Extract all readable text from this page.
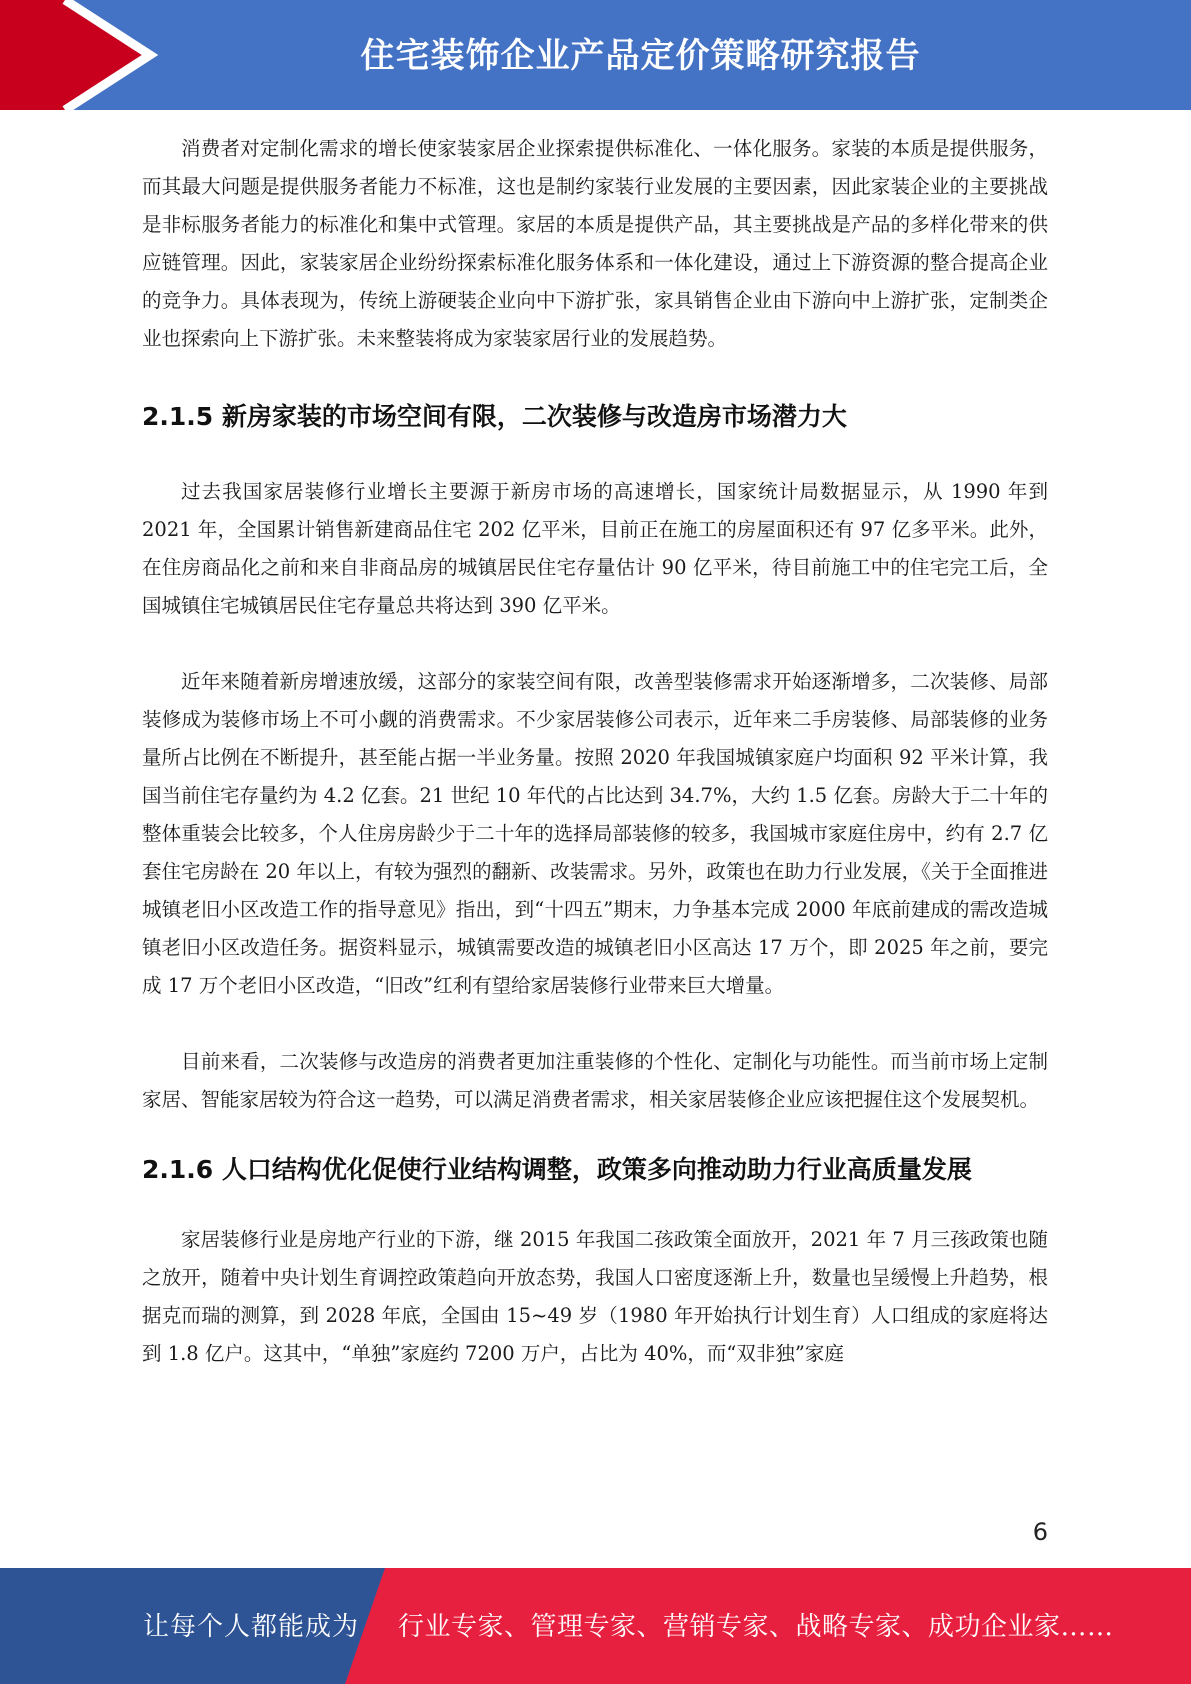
住宅装饰企业产品定价策略研究报告

消费者对定制化需求的增长使家装家居企业探索提供标准化、一体化服务。家装的本质是提供服务，而其最大问题是提供服务者能力不标准，这也是制约家装行业发展的主要因素，因此家装企业的主要挑战是非标服务者能力的标准化和集中式管理。家居的本质是提供产品，其主要挑战是产品的多样化带来的供应链管理。因此，家装家居企业纷纷探索标准化服务体系和一体化建设，通过上下游资源的整合提高企业的竞争力。具体表现为，传统上游硬装企业向中下游扩张，家具销售企业由下游向中上游扩张，定制类企业也探索向上下游扩张。未来整装将成为家装家居行业的发展趋势。

2.1.5 新房家装的市场空间有限，二次装修与改造房市场潜力大

过去我国家居装修行业增长主要源于新房市场的高速增长，国家统计局数据显示，从 1990 年到 2021 年，全国累计销售新建商品住宅 202 亿平米，目前正在施工的房屋面积还有 97 亿多平米。此外，在住房商品化之前和来自非商品房的城镇居民住宅存量估计 90 亿平米，待目前施工中的住宅完工后，全国城镇住宅城镇居民住宅存量总共将达到 390 亿平米。

近年来随着新房增速放缓，这部分的家装空间有限，改善型装修需求开始逐渐增多，二次装修、局部装修成为装修市场上不可小觑的消费需求。不少家居装修公司表示，近年来二手房装修、局部装修的业务量所占比例在不断提升，甚至能占据一半业务量。按照 2020 年我国城镇家庭户均面积 92 平米计算，我国当前住宅存量约为 4.2 亿套。21 世纪 10 年代的占比达到 34.7%，大约 1.5 亿套。房龄大于二十年的整体重装会比较多，个人住房房龄少于二十年的选择局部装修的较多，我国城市家庭住房中，约有 2.7 亿套住宅房龄在 20 年以上，有较为强烈的翻新、改装需求。另外，政策也在助力行业发展，《关于全面推进城镇老旧小区改造工作的指导意见》指出，到“十四五”期末，力争基本完成 2000 年底前建成的需改造城镇老旧小区改造任务。据资料显示，城镇需要改造的城镇老旧小区高达 17 万个，即 2025 年之前，要完成 17 万个老旧小区改造，“旧改”红利有望给家居装修行业带来巨大增量。

目前来看，二次装修与改造房的消费者更加注重装修的个性化、定制化与功能性。而当前市场上定制家居、智能家居较为符合这一趋势，可以满足消费者需求，相关家居装修企业应该把握住这个发展契机。

2.1.6 人口结构优化促使行业结构调整，政策多向推动助力行业高质量发展

家居装修行业是房地产行业的下游，继 2015 年我国二孩政策全面放开，2021 年 7 月三孩政策也随之放开，随着中央计划生育调控政策趋向开放态势，我国人口密度逐渐上升，数量也呈缓慢上升趋势，根据克而瑞的测算，到 2028 年底，全国由 15~49 岁（1980 年开始执行计划生育）人口组成的家庭将达到 1.8 亿户。这其中，“单独”家庭约 7200 万户，占比为 40%，而“双非独”家庭

6
让每个人都能成为 行业专家、管理专家、营销专家、战略专家、成功企业家……
